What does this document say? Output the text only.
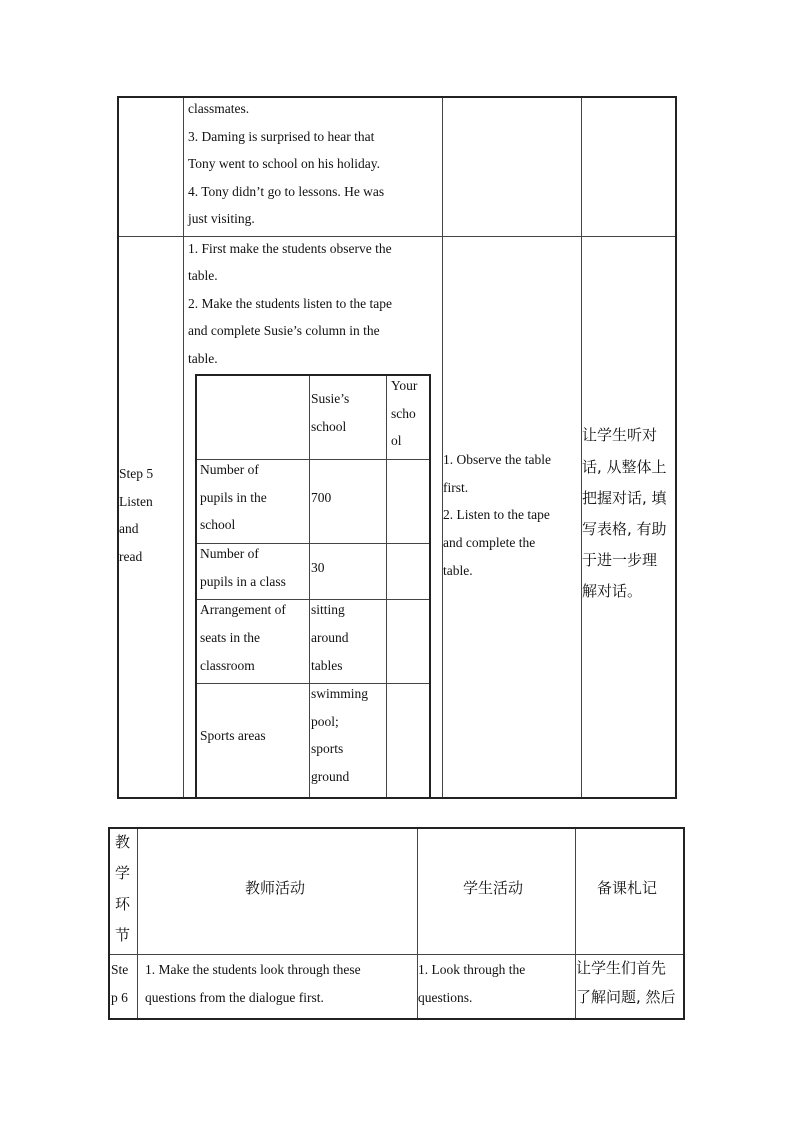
classmates.
3. Daming is surprised to hear that
Tony went to school on his holiday.
4. Tony didn’t go to lessons. He was
just visiting.
Step 5
Listen
and
read
1. First make the students observe the
table.
2. Make the students listen to the tape
and complete Susie’s column in the
table.
Susie’s
school
Your
scho
ol
Number of
pupils in the
school
700
Number of
pupils in a class
30
Arrangement of
seats in the
classroom
sitting
around
tables
Sports areas
swimming
pool;
sports
ground
1. Observe the table
first.
2. Listen to the tape
and complete the
table.
让学生听对
话, 从整体上
把握对话, 填
写表格, 有助
于进一步理
解对话。
教
学
环
节
教师活动	学生活动	备课札记
Ste
p 6
1. Make the students look through these
questions from the dialogue first.
1. Look through the
questions.
让学生们首先
了解问题, 然后
